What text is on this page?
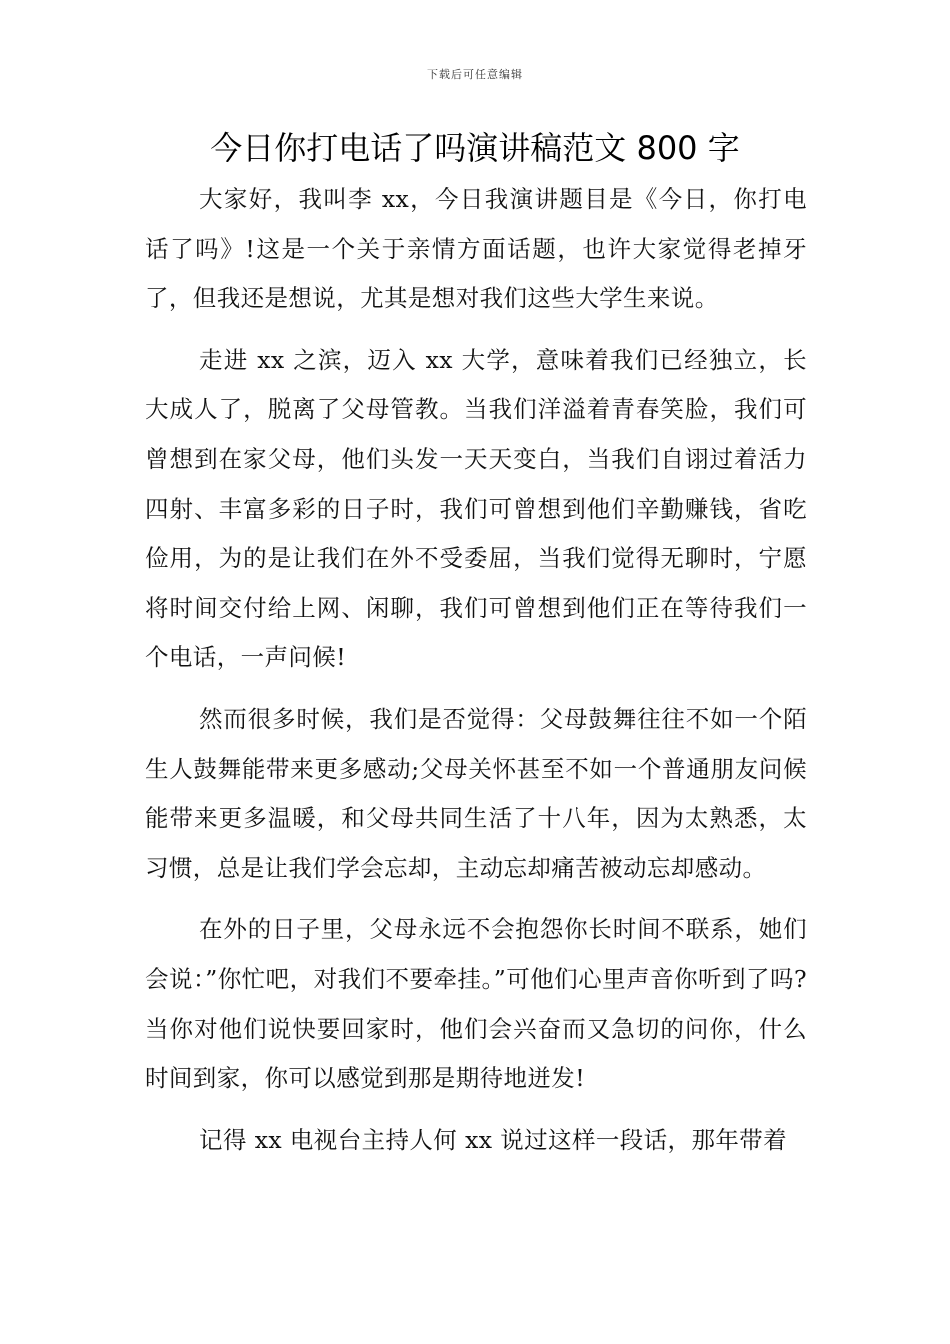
下载后可任意编辑
今日你打电话了吗演讲稿范文 800 字

大家好，我叫李 xx，今日我演讲题目是《今日，你打电话了吗》!这是一个关于亲情方面话题，也许大家觉得老掉牙了，但我还是想说，尤其是想对我们这些大学生来说。

走进 xx 之滨，迈入 xx 大学，意味着我们已经独立，长大成人了，脱离了父母管教。当我们洋溢着青春笑脸，我们可曾想到在家父母，他们头发一天天变白，当我们自诩过着活力四射、丰富多彩的日子时，我们可曾想到他们辛勤赚钱，省吃俭用，为的是让我们在外不受委屈，当我们觉得无聊时，宁愿将时间交付给上网、闲聊，我们可曾想到他们正在等待我们一个电话，一声问候!

然而很多时候，我们是否觉得：父母鼓舞往往不如一个陌生人鼓舞能带来更多感动;父母关怀甚至不如一个普通朋友问候能带来更多温暖，和父母共同生活了十八年，因为太熟悉，太习惯，总是让我们学会忘却，主动忘却痛苦被动忘却感动。

在外的日子里，父母永远不会抱怨你长时间不联系，她们会说：”你忙吧，对我们不要牵挂。”可他们心里声音你听到了吗?当你对他们说快要回家时，他们会兴奋而又急切的问你，什么时间到家，你可以感觉到那是期待地迸发!

记得 xx 电视台主持人何 xx 说过这样一段话，那年带着
